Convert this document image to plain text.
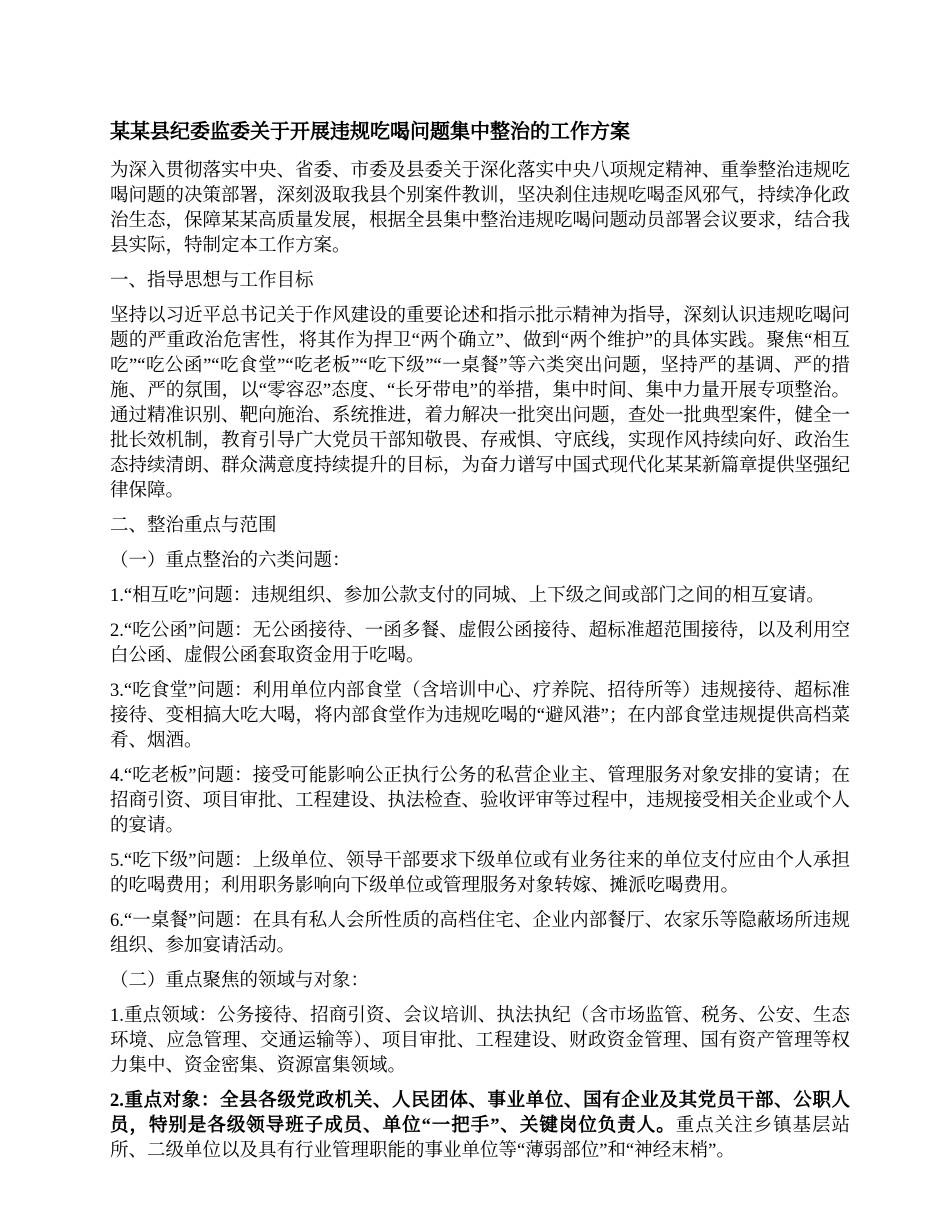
某某县纪委监委关于开展违规吃喝问题集中整治的工作方案

为深入贯彻落实中央、省委、市委及县委关于深化落实中央八项规定精神、重拳整治违规吃喝问题的决策部署，深刻汲取我县个别案件教训，坚决刹住违规吃喝歪风邪气，持续净化政治生态，保障某某高质量发展，根据全县集中整治违规吃喝问题动员部署会议要求，结合我县实际，特制定本工作方案。

一、指导思想与工作目标

坚持以习近平总书记关于作风建设的重要论述和指示批示精神为指导，深刻认识违规吃喝问题的严重政治危害性，将其作为捍卫“两个确立”、做到“两个维护”的具体实践。聚焦“相互吃”“吃公函”“吃食堂”“吃老板”“吃下级”“一桌餐”等六类突出问题，坚持严的基调、严的措施、严的氛围，以“零容忍”态度、“长牙带电”的举措，集中时间、集中力量开展专项整治。通过精准识别、靶向施治、系统推进，着力解决一批突出问题，查处一批典型案件，健全一批长效机制，教育引导广大党员干部知敬畏、存戒惧、守底线，实现作风持续向好、政治生态持续清朗、群众满意度持续提升的目标，为奋力谱写中国式现代化某某新篇章提供坚强纪律保障。

二、整治重点与范围

（一）重点整治的六类问题：

1.“相互吃”问题：违规组织、参加公款支付的同城、上下级之间或部门之间的相互宴请。

2.“吃公函”问题：无公函接待、一函多餐、虚假公函接待、超标准超范围接待，以及利用空白公函、虚假公函套取资金用于吃喝。

3.“吃食堂”问题：利用单位内部食堂（含培训中心、疗养院、招待所等）违规接待、超标准接待、变相搞大吃大喝，将内部食堂作为违规吃喝的“避风港”；在内部食堂违规提供高档菜肴、烟酒。

4.“吃老板”问题：接受可能影响公正执行公务的私营企业主、管理服务对象安排的宴请；在招商引资、项目审批、工程建设、执法检查、验收评审等过程中，违规接受相关企业或个人的宴请。

5.“吃下级”问题：上级单位、领导干部要求下级单位或有业务往来的单位支付应由个人承担的吃喝费用；利用职务影响向下级单位或管理服务对象转嫁、摊派吃喝费用。

6.“一桌餐”问题：在具有私人会所性质的高档住宅、企业内部餐厅、农家乐等隐蔽场所违规组织、参加宴请活动。

（二）重点聚焦的领域与对象：

1.重点领域：公务接待、招商引资、会议培训、执法执纪（含市场监管、税务、公安、生态环境、应急管理、交通运输等）、项目审批、工程建设、财政资金管理、国有资产管理等权力集中、资金密集、资源富集领域。

2.重点对象：全县各级党政机关、人民团体、事业单位、国有企业及其党员干部、公职人员，特别是各级领导班子成员、单位“一把手”、关键岗位负责人。重点关注乡镇基层站所、二级单位以及具有行业管理职能的事业单位等“薄弱部位”和“神经末梢”。
